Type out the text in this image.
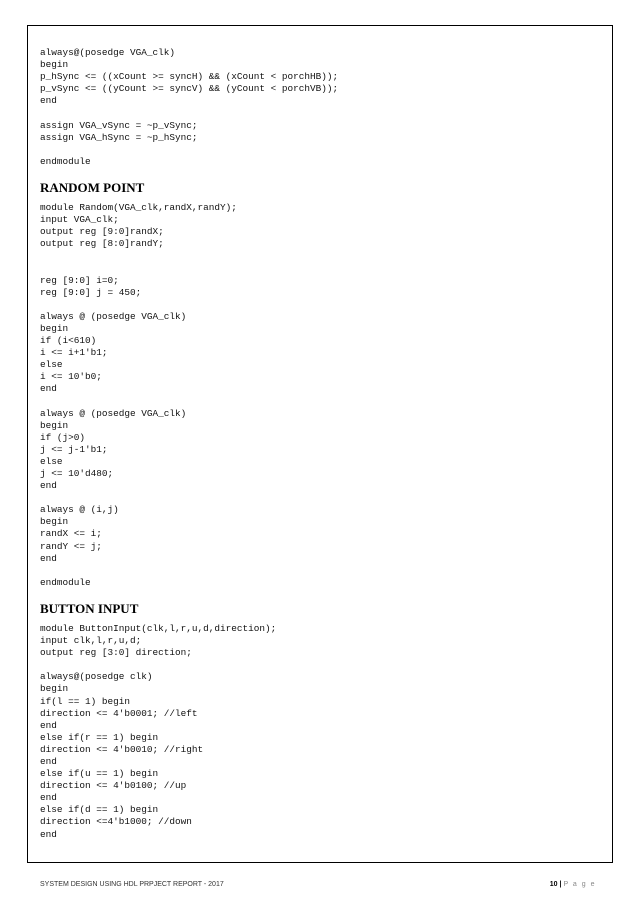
always@(posedge VGA_clk)
begin
p_hSync <= ((xCount >= syncH) && (xCount < porchHB));
p_vSync <= ((yCount >= syncV) && (yCount < porchVB));
end
assign VGA_vSync = ~p_vSync;
assign VGA_hSync = ~p_hSync;
endmodule
RANDOM POINT
module Random(VGA_clk,randX,randY);
input VGA_clk;
output reg [9:0]randX;
output reg [8:0]randY;
reg [9:0] i=0;
reg [9:0] j = 450;
always @ (posedge VGA_clk)
begin
if (i<610)
i <= i+1'b1;
else
i <= 10'b0;
end
always @ (posedge VGA_clk)
begin
if (j>0)
j <= j-1'b1;
else
j <= 10'd480;
end
always @ (i,j)
begin
randX <= i;
randY <= j;
end
endmodule
BUTTON INPUT
module ButtonInput(clk,l,r,u,d,direction);
input clk,l,r,u,d;
output reg [3:0] direction;
always@(posedge clk)
begin
if(l == 1) begin
direction <= 4'b0001; //left
end
else if(r == 1) begin
direction <= 4'b0010; //right
end
else if(u == 1) begin
direction <= 4'b0100; //up
end
else if(d == 1) begin
direction <=4'b1000; //down
end
SYSTEM DESIGN USING HDL PRPJECT REPORT - 2017	10 | P a g e
